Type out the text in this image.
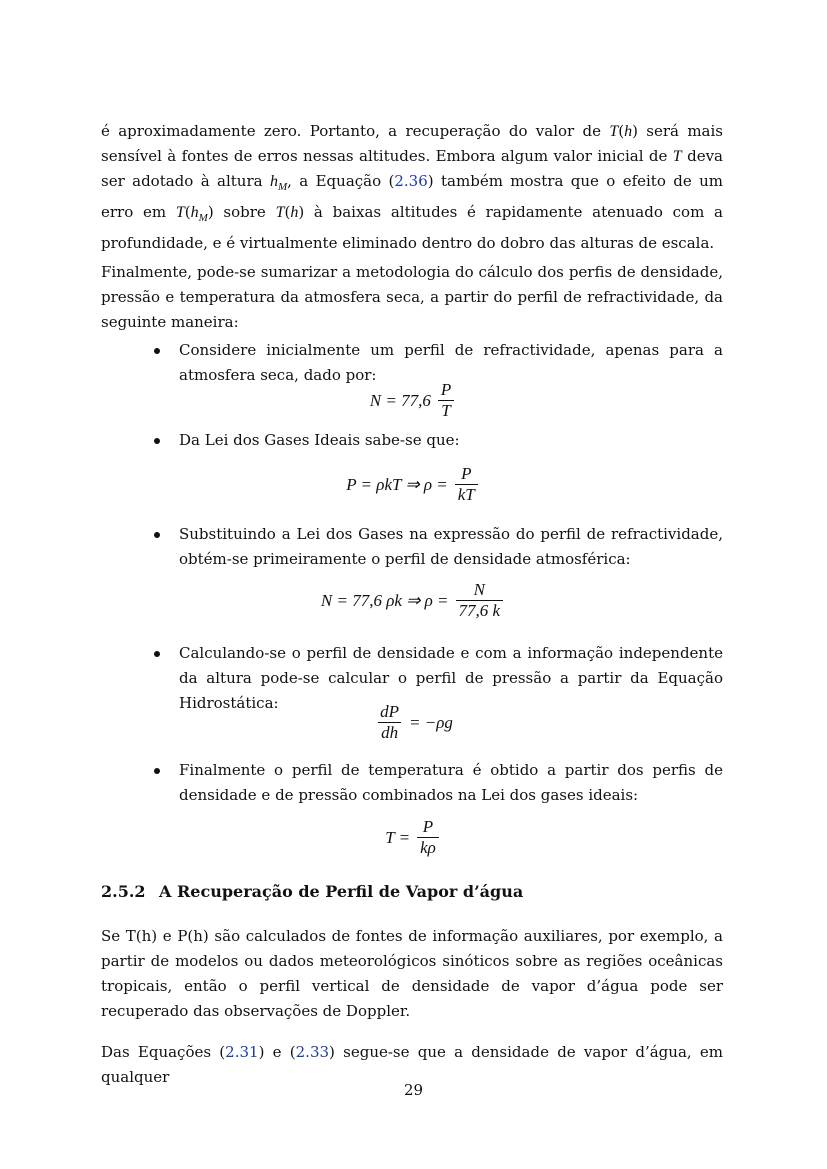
é aproximadamente zero. Portanto, a recuperação do valor de T(h) será mais sensível à fontes de erros nessas altitudes. Embora algum valor inicial de T deva ser adotado à altura $h_M$, a Equação (2.36) também mostra que o efeito de um erro em $T(h_M)$ sobre T(h) à baixas altitudes é rapidamente atenuado com a profundidade, e é virtualmente eliminado dentro do dobro das alturas de escala.

Finalmente, pode-se sumarizar a metodologia do cálculo dos perfis de densidade, pressão e temperatura da atmosfera seca, a partir do perfil de refractividade, da seguinte maneira:

Considere inicialmente um perfil de refractividade, apenas para a atmosfera seca, dado por:

$N = 77,6 \frac{P}{T}$

Da Lei dos Gases Ideais sabe-se que:

P = ρkT ⇒ $\rho = \frac{P}{kT}$

Substituindo a Lei dos Gases na expressão do perfil de refractividade, obtém-se primeiramente o perfil de densidade atmosférica:

N = 77,6 ρk ⇒ $\rho = \frac{N}{77,6 k}$

Calculando-se o perfil de densidade e com a informação independente da altura pode-se calcular o perfil de pressão a partir da Equação Hidrostática:	$\frac{dP}{dh} = -\rho g$

Finalmente o perfil de temperatura é obtido a partir dos perfis de densidade e de pressão combinados na Lei dos gases ideais:

$T = \frac{P}{k\rho}$
2.5.2 A Recuperação de Perfil de Vapor d’água

Se T(h) e P(h) são calculados de fontes de informação auxiliares, por exemplo, a partir de modelos ou dados meteorológicos sinóticos sobre as regiões oceânicas tropicais, então o perfil vertical de densidade de vapor d’água pode ser recuperado das observações de Doppler.

Das Equações (2.31) e (2.33) segue-se que a densidade de vapor d’água, em qualquer

29
